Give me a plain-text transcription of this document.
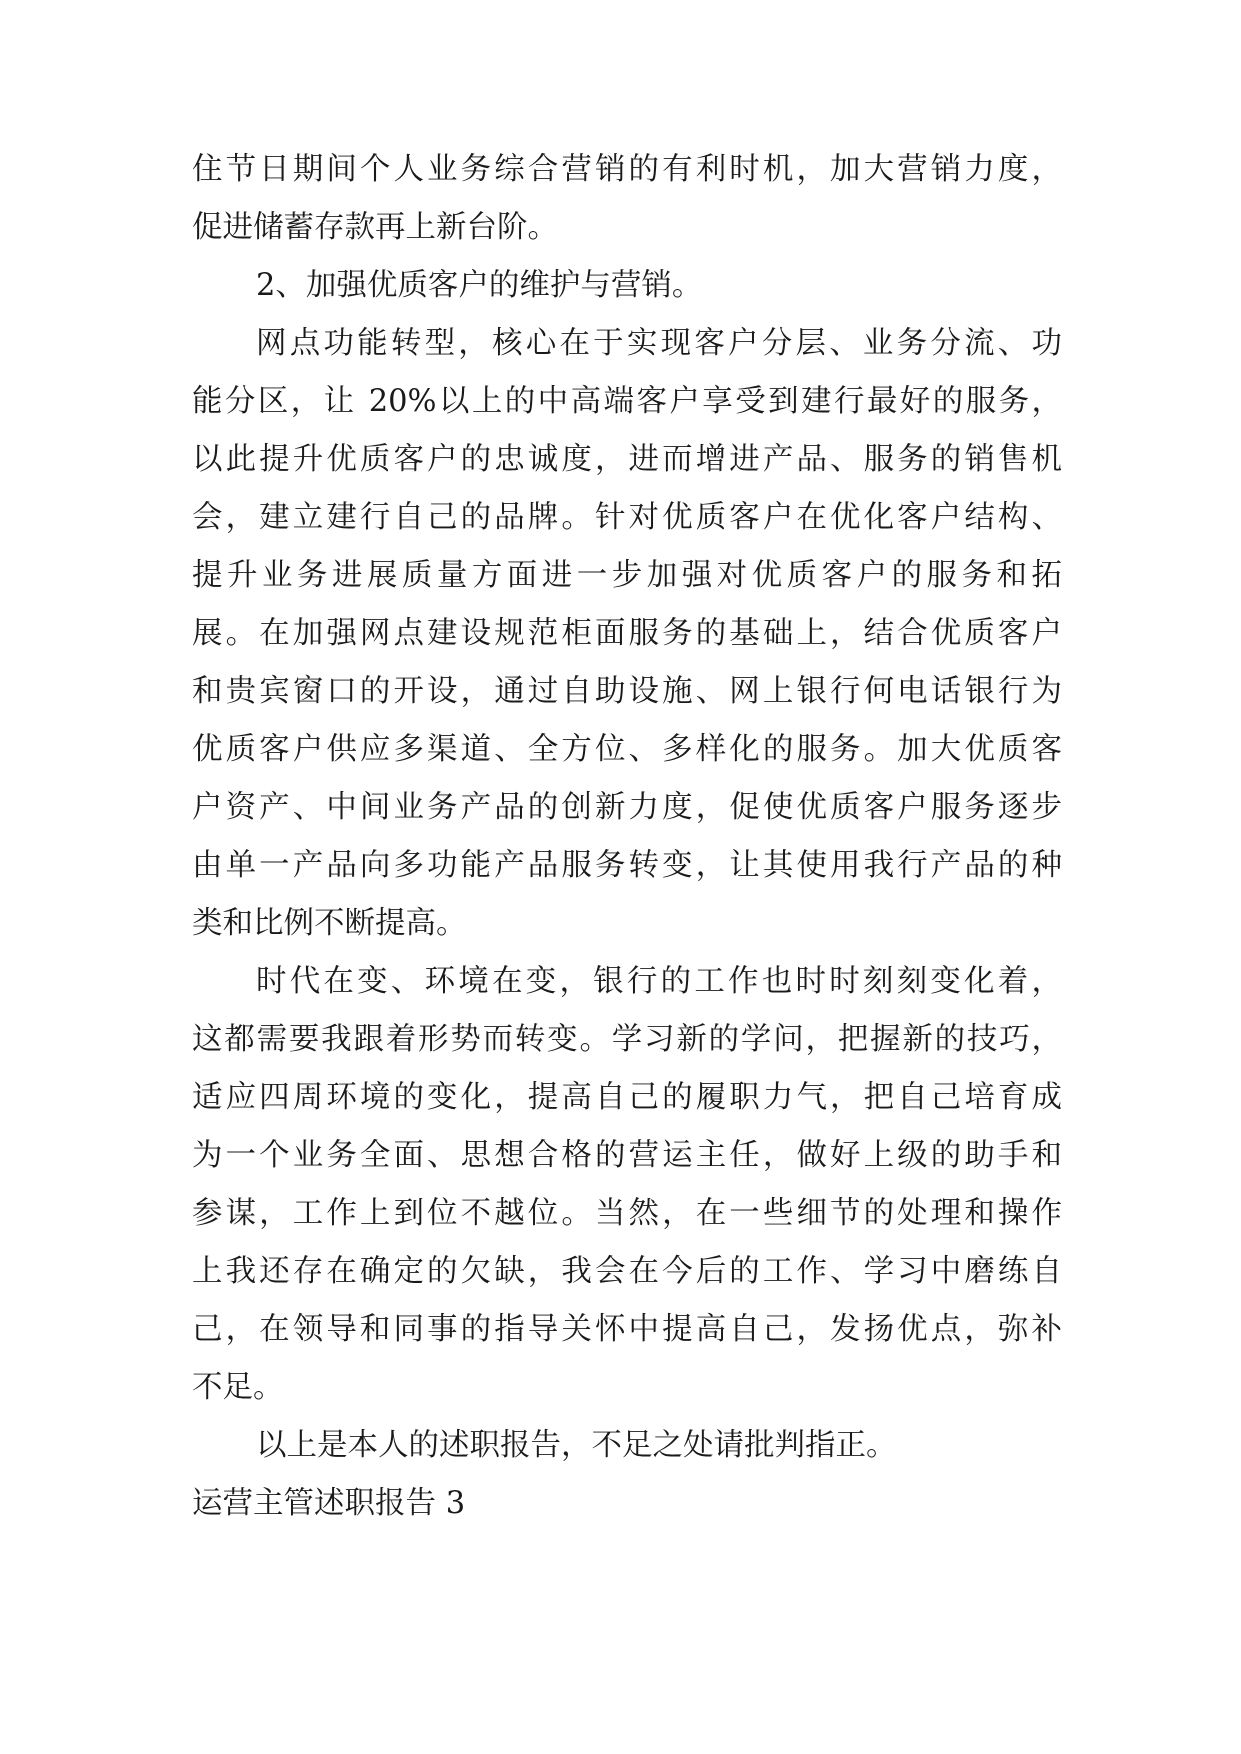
住节日期间个人业务综合营销的有利时机，加大营销力度，
促进储蓄存款再上新台阶。
2、加强优质客户的维护与营销。
网点功能转型，核心在于实现客户分层、业务分流、功
能分区，让 20%以上的中高端客户享受到建行最好的服务，
以此提升优质客户的忠诚度，进而增进产品、服务的销售机
会，建立建行自己的品牌。针对优质客户在优化客户结构、
提升业务进展质量方面进一步加强对优质客户的服务和拓
展。在加强网点建设规范柜面服务的基础上，结合优质客户
和贵宾窗口的开设，通过自助设施、网上银行何电话银行为
优质客户供应多渠道、全方位、多样化的服务。加大优质客
户资产、中间业务产品的创新力度，促使优质客户服务逐步
由单一产品向多功能产品服务转变，让其使用我行产品的种
类和比例不断提高。
时代在变、环境在变，银行的工作也时时刻刻变化着，
这都需要我跟着形势而转变。学习新的学问，把握新的技巧，
适应四周环境的变化，提高自己的履职力气，把自己培育成
为一个业务全面、思想合格的营运主任，做好上级的助手和
参谋，工作上到位不越位。当然，在一些细节的处理和操作
上我还存在确定的欠缺，我会在今后的工作、学习中磨练自
己，在领导和同事的指导关怀中提高自己，发扬优点，弥补
不足。
以上是本人的述职报告，不足之处请批判指正。
运营主管述职报告 3
